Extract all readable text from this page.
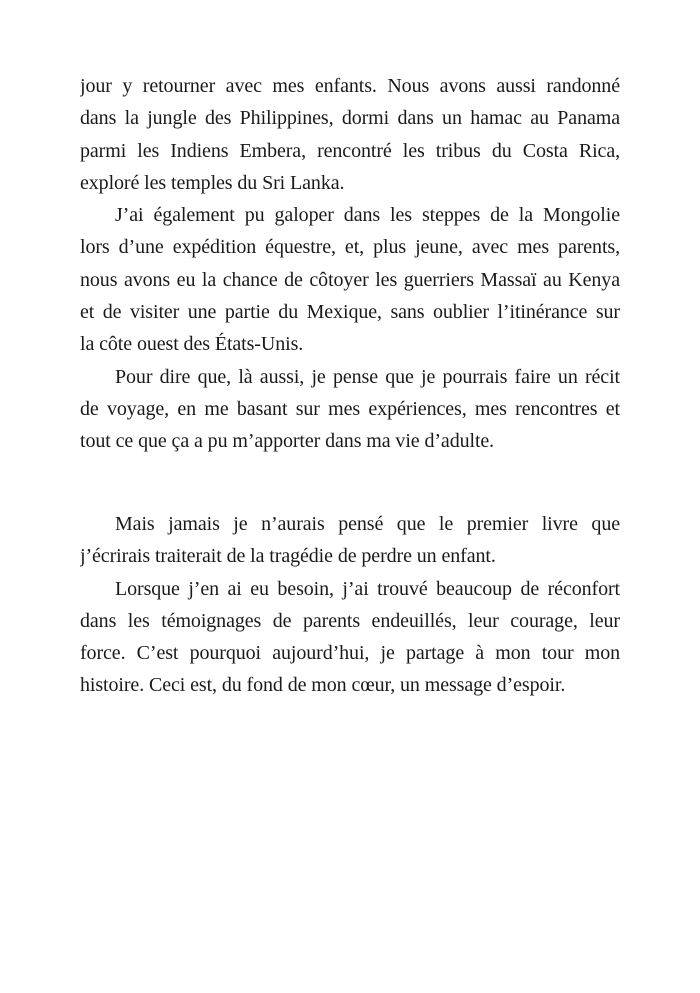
jour y retourner avec mes enfants. Nous avons aussi randonné
dans la jungle des Philippines, dormi dans un hamac au Panama
parmi les Indiens Embera, rencontré les tribus du Costa Rica,
exploré les temples du Sri Lanka.
J’ai également pu galoper dans les steppes de la Mongolie
lors d’une expédition équestre, et, plus jeune, avec mes parents,
nous avons eu la chance de côtoyer les guerriers Massaï au Kenya
et de visiter une partie du Mexique, sans oublier l’itinérance sur
la côte ouest des États-Unis.
Pour dire que, là aussi, je pense que je pourrais faire un récit
de voyage, en me basant sur mes expériences, mes rencontres et
tout ce que ça a pu m’apporter dans ma vie d’adulte.
Mais jamais je n’aurais pensé que le premier livre que
j’écrirais traiterait de la tragédie de perdre un enfant.
Lorsque j’en ai eu besoin, j’ai trouvé beaucoup de réconfort
dans les témoignages de parents endeuillés, leur courage, leur
force. C’est pourquoi aujourd’hui, je partage à mon tour mon
histoire. Ceci est, du fond de mon cœur, un message d’espoir.
